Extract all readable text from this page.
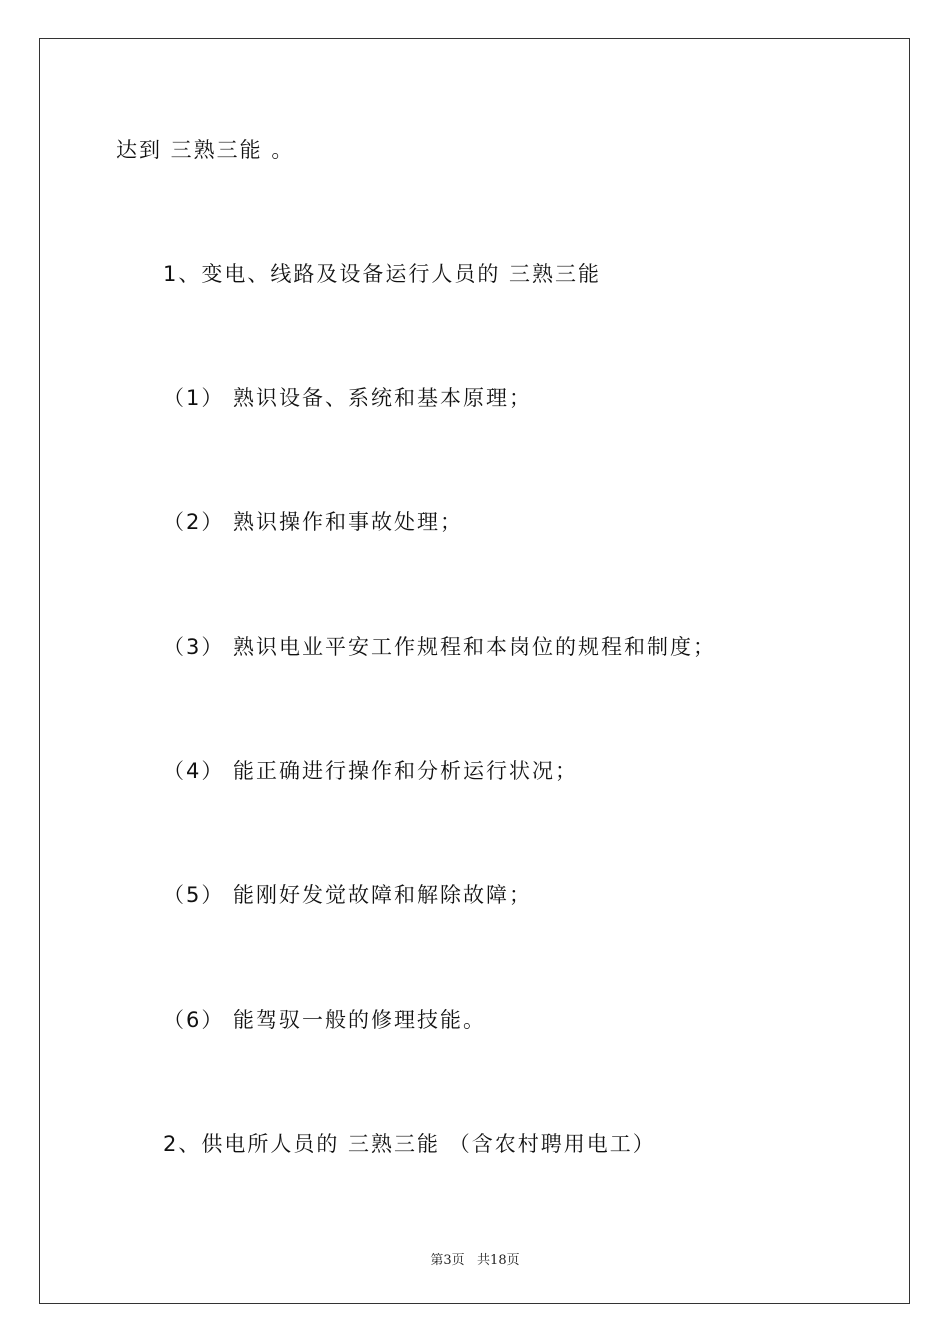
达到 三熟三能 。
1、变电、线路及设备运行人员的 三熟三能
（1） 熟识设备、系统和基本原理；
（2） 熟识操作和事故处理；
（3） 熟识电业平安工作规程和本岗位的规程和制度；
（4） 能正确进行操作和分析运行状况；
（5） 能刚好发觉故障和解除故障；
（6） 能驾驭一般的修理技能。
2、供电所人员的 三熟三能 （含农村聘用电工）
第3页   共18页
